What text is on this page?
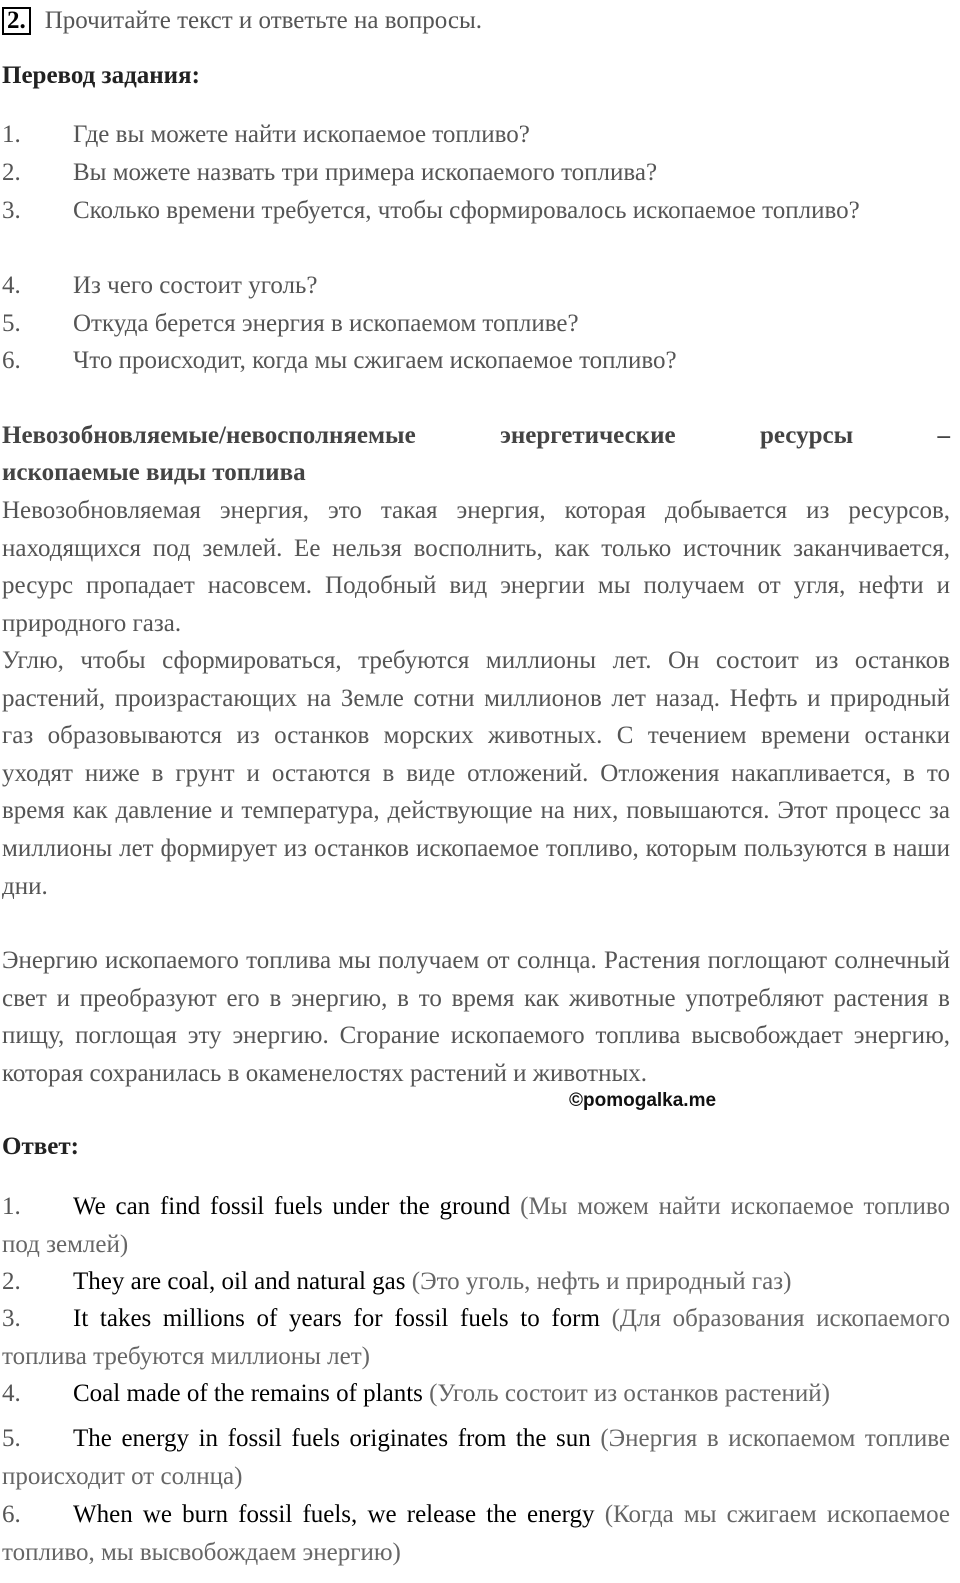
2. Прочитайте текст и ответьте на вопросы.
Перевод задания:
1. Где вы можете найти ископаемое топливо?
2. Вы можете назвать три примера ископаемого топлива?
3. Сколько времени требуется, чтобы сформировалось ископаемое топливо?
4. Из чего состоит уголь?
5. Откуда берется энергия в ископаемом топливе?
6. Что происходит, когда мы сжигаем ископаемое топливо?
Невозобновляемые/невосполняемые энергетические ресурсы –
ископаемые виды топлива
Невозобновляемая энергия, это такая энергия, которая добывается из ресурсов, находящихся под землей. Ее нельзя восполнить, как только источник заканчивается, ресурс пропадает насовсем. Подобный вид энергии мы получаем от угля, нефти и природного газа.
Углю, чтобы сформироваться, требуются миллионы лет. Он состоит из останков растений, произрастающих на Земле сотни миллионов лет назад. Нефть и природный газ образовываются из останков морских животных. С течением времени останки уходят ниже в грунт и остаются в виде отложений. Отложения накапливается, в то время как давление и температура, действующие на них, повышаются. Этот процесс за миллионы лет формирует из останков ископаемое топливо, которым пользуются в наши дни.
Энергию ископаемого топлива мы получаем от солнца. Растения поглощают солнечный свет и преобразуют его в энергию, в то время как животные употребляют растения в пищу, поглощая эту энергию. Сгорание ископаемого топлива высвобождает энергию, которая сохранилась в окаменелостях растений и животных.
©pomogalka.me
Ответ:
1. We can find fossil fuels under the ground (Мы можем найти ископаемое топливо под землей)
2. They are coal, oil and natural gas (Это уголь, нефть и природный газ)
3. It takes millions of years for fossil fuels to form (Для образования ископаемого топлива требуются миллионы лет)
4. Coal made of the remains of plants (Уголь состоит из останков растений)
5. The energy in fossil fuels originates from the sun (Энергия в ископаемом топливе происходит от солнца)
6. When we burn fossil fuels, we release the energy (Когда мы сжигаем ископаемое топливо, мы высвобождаем энергию)
